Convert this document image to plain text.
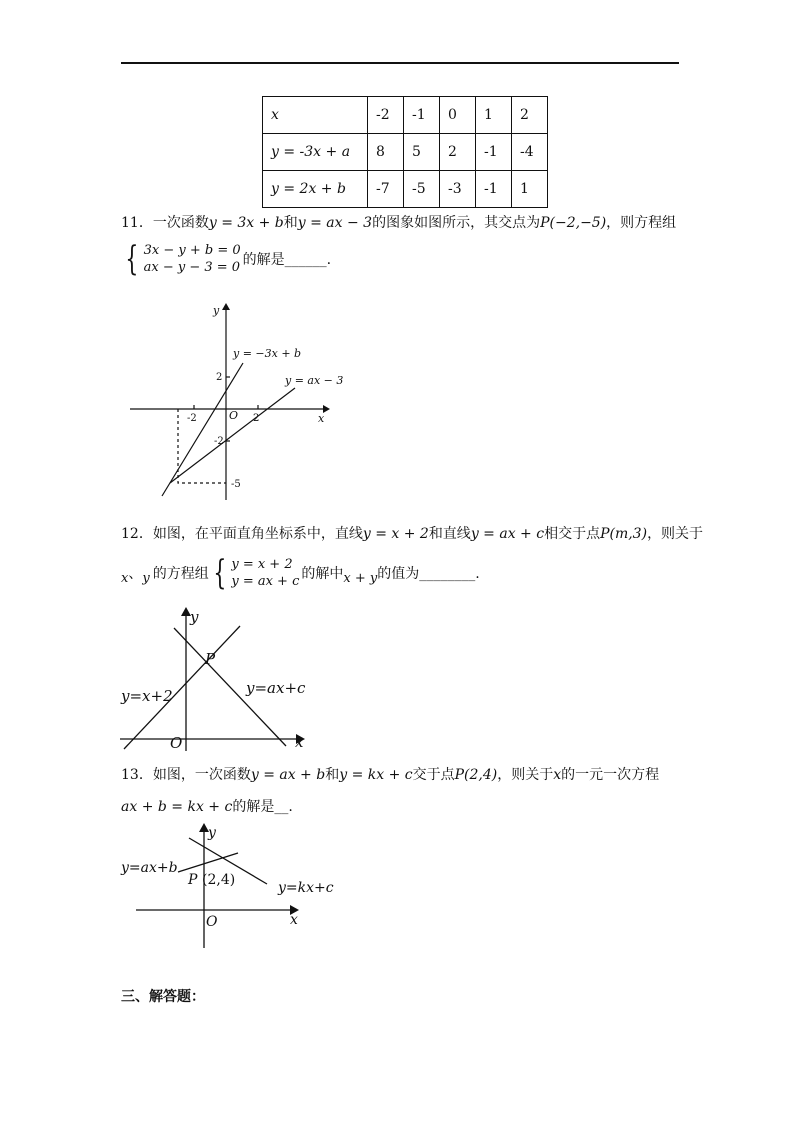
x	-2	-1	0	1	2
y = -3x + a	8	5	2	-1	-4
y = 2x + b	-7	-5	-3	-1	1
11．一次函数y = 3x + b和y = ax − 3的图象如图所示，其交点为P(−2,−5)，则方程组
{ 3x − y + b = 0
ax − y − 3 = 0 的解是______.
y
x
O
y = −3x + b
y = ax − 3
2
-2	2
-2
-5
12．如图，在平面直角坐标系中，直线y = x + 2和直线y = ax + c相交于点P(m,3)，则关于
x 、 y 的方程组 { y = x + 2
y = ax + c 的解中 x + y 的值为________.
y
x
O
P
y=x+2	y=ax+c
13．如图，一次函数y = ax + b和y = kx + c交于点P(2,4)，则关于x的一元一次方程
ax + b = kx + c的解是__.
y
x
O
P
y=ax+b
y=kx+c
(2,4)
三、解答题：
